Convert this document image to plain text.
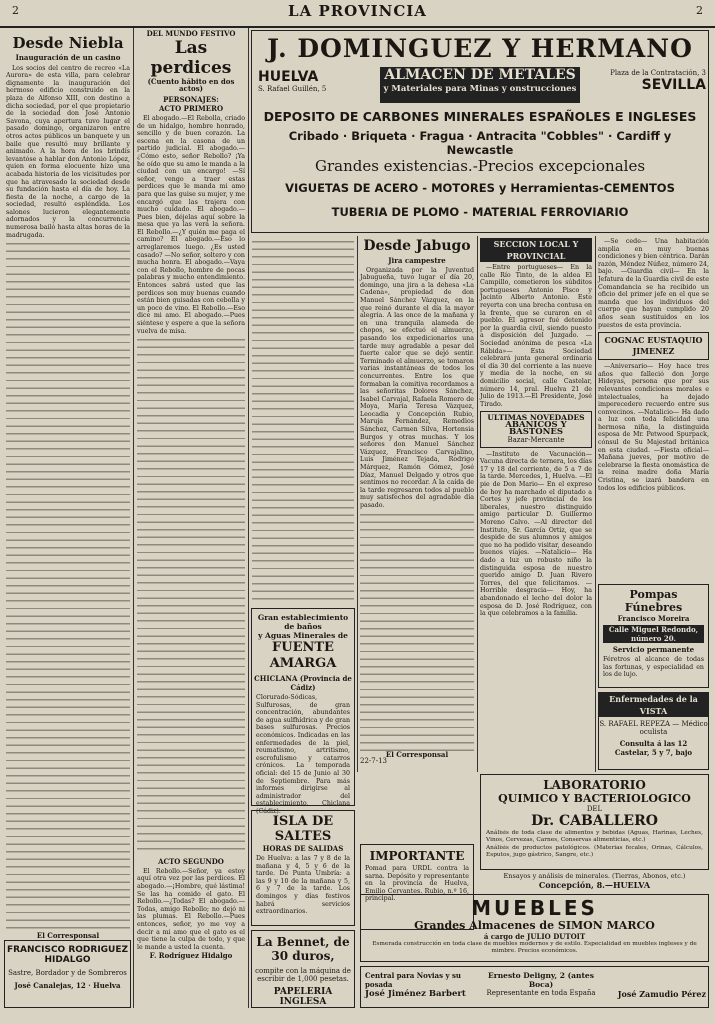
2	LA PROVINCIA	2
Desde Niebla
Inauguración de un casino

Los socios del centro de recreo «La Aurora» de esta villa, para celebrar dignamente la inauguración del hermoso edificio construido en la plaza de Alfonso XIII, con destino a dicha sociedad, por el que propietario de la sociedad don José Antonio Savona, cuya apertura tuvo lugar el pasado domingo, organizaron entre otros actos públicos un banquete y un baile que resultó muy brillante y animado. A la hora de los brindis levantóse a hablar don Antonio López, quien en forma elocuente hizo una acabada historia de los vicisitudes por que ha atravesado la sociedad desde su fundación hasta el día de hoy. La fiesta de la noche, a cargo de la sociedad, resultó espléndida. Los salones lucieron elegantemente adornados y la concurrencia numerosa bailó hasta altas horas de la madrugada.

El Corresponsal
FRANCISCO RODRIGUEZ HIDALGO
Sastre, Bordador y de Sombreros
José Canalejas, 12 · Huelva
DEL MUNDO FESTIVO
Las perdices
(Cuento hábito en dos actos)
PERSONAJES:
ACTO PRIMERO

El abogado.—El Rebolla, criado de un hidalgo, hombre honrado, sencillo y de buen corazón. La escena en la casona de un partido judicial. El abogado.—¿Cómo esto, señor Rebollo? ¡Ya he oído que su amo le manda a la ciudad con un encargo! —Sí señor, vengo a traer estas perdices que le manda mi amo para que las guise su mujer, y me encargó que las trajera con mucho cuidado. El abogado.—Pues bien, déjelas aquí sobre la mesa que ya las verá la señora. El Rebollo.—¿Y quién me paga el camino? El abogado.—Eso lo arreglaremos luego. ¿Es usted casado? —No señor, soltero y con mucha honra. El abogado.—Vaya con el Rebollo, hombre de pocas palabras y mucho entendimiento. Entonces sabrá usted que las perdices son muy buenas cuando están bien guisadas con cebolla y un poco de vino. El Rebollo.—Eso dice mi amo. El abogado.—Pues siéntese y espere a que la señora vuelva de misa.

ACTO SEGUNDO

El Rebollo.—Señor, ya estoy aquí otra vez por las perdices. El abogado.—¡Hombre, qué lástima! Se las ha comido el gato. El Rebollo.—¿Todas? El abogado.—Todas, amigo Rebollo; no dejó ni las plumas. El Rebollo.—Pues entonces, señor, yo me voy a decir a mi amo que el gato es el que tiene la culpa de todo, y que le mande a usted la cuenta.

F. Rodríguez Hidalgo
J. DOMINGUEZ Y HERMANO
HUELVA
S. Rafael Guillén, 5
ALMACEN DE METALES
y Materiales para Minas y onstrucciones
Plaza de la Contratación, 3
SEVILLA
DEPOSITO DE CARBONES MINERALES ESPAÑOLES E INGLESES
Cribado · Briqueta · Fragua · Antracita "Cobbles" · Cardiff y Newcastle
Grandes existencias.-Precios excepcionales
VIGUETAS DE ACERO - MOTORES y Herramientas-CEMENTOS
TUBERIA DE PLOMO - MATERIAL FERROVIARIO
Gran establecimiento de baños
y Aguas Minerales de
FUENTE AMARGA
CHICLANA (Provincia de Cádiz)
Clorurado-Sódicas, Sulfurosas, de gran concentración, abundantes de agua sulfhídrica y de gran bases sulfurosas. Precios económicos. Indicadas en las enfermedades de la piel, reumatismo, artritismo, escrofulismo y catarros crónicos. La temporada oficial: del 15 de Junio al 30 de Septiembre. Para más informes dirigirse al administrador del establecimiento, Chiclana (Cádiz).
ISLA DE SALTES
HORAS DE SALIDAS
De Huelva: a las 7 y 8 de la mañana y 4, 5 y 6 de la tarde. De Punta Umbría: a las 9 y 10 de la mañana y 5, 6 y 7 de la tarde. Los domingos y días festivos habrá servicios extraordinarios.
La Bennet, de 30 duros,
compite con la máquina de escribir de 1,000 pesetas.
PAPELERIA INGLESA
Desde Jabugo
Jira campestre

Organizada por la Juventud Jabugueña, tuvo lugar el día 20, domingo, una jira a la dehesa «La Cadena», propiedad de don Manuel Sánchez Vázquez, en la que reinó durante el día la mayor alegría. A las once de la mañana y en una tranquila alameda de chopos, se efectuó el almuerzo, pasando los expedicionarios una tarde muy agradable a pesar del fuerte calor que se dejó sentir. Terminado el almuerzo, se tomaron varias instantáneas de todos los concurrentes. Entre los que formaban la comitiva recordamos a las señoritas Dolores Sánchez, Isabel Carvajal, Rafaela Romero de Moya, María Teresa Vázquez, Leocadia y Concepción Rubio, Maruja Fernández, Remedios Sánchez, Carmen Silva, Hortensia Burgos y otras muchas. Y los señores don Manuel Sánchez Vázquez, Francisco Carvajalino, Luis Jiménez Tejada, Rodrigo Márquez, Ramón Gómez, José Díaz, Manuel Delgado y otros que sentimos no recordar. A la caída de la tarde regresaron todos al pueblo muy satisfechos del agradable día pasado.

El Corresponsal
22-7-13
IMPORTANTE
Pomad para URDL contra la sarna. Depósito y representante en la provincia de Huelva, Emilio Cervantes. Rubio, n.º 16, principal.
SECCION LOCAL Y PROVINCIAL

—Entre portugueses— En la calle Río Tinto, de la aldea El Campillo, cometieron los súbditos portugueses Antonio Pisco y Jacinto Alberto Antonio. Este reyerta con una brecha contusa en la frente, que se curaron en el pueblo. El agresor fué detenido por la guardia civil, siendo puesto a disposición del Juzgado. —Sociedad anónima de pesca «La Rábida»— Esta Sociedad celebrará junta general ordinaria el día 30 del corriente a las nueve y media de la noche, en su domicilio social, calle Castelar, número 14, pral. Huelva 21 de Julio de 1913.—El Presidente, José Tirado.

ULTIMAS NOVEDADES
ABANICOS Y BASTONES
Bazar-Mercante

—Instituto de Vacunación— Vacuna directa de ternera, los días 17 y 18 del corriente, de 5 a 7 de la tarde. Mercedes, 1, Huelva. —El pie de Don Mario— En el expreso de hoy ha marchado el diputado a Cortes y jefe provincial de los liberales, nuestro distinguido amigo particular D. Guillermo Moreno Calvo. —Al director del Instituto, Sr. García Ortiz, que se despide de sus alumnos y amigos que no ha podido visitar, deseando buenos viajes. —Natalicio— Ha dado a luz un robusto niño la distinguida esposa de nuestro querido amigo D. Juan Rivero Torres, del que felicitamos. —Horrible desgracia— Hoy, ha abandonado el lecho del dolor la esposa de D. José Rodríguez, con la que celebramos a la familia.

—Se cede— Una habitación amplia en muy buenas condiciones y bien céntrica. Darán razón, Méndez Núñez, número 24, bajo. —Guardia civil— En la Jefatura de la Guardia civil de este Comandancia se ha recibido un oficio del primer jefe en el que se manda que los individuos del cuerpo que hayan cumplido 20 años sean sustituidos en los puestos de esta provincia.

COGNAC EUSTAQUIO JIMENEZ

—Aniversario— Hoy hace tres años que falleció don Jorge Hideyas, persona que por sus relevantes condiciones morales e intelectuales, ha dejado imperecedero recuerdo entre sus convecinos. —Natalicio— Ha dado a luz con toda felicidad una hermosa niña, la distinguida esposa de Mr. Petwood Spurpack, cónsul de Su Majestad británica en esta ciudad. —Fiesta oficial— Mañana jueves, por motivo de celebrarse la fiesta onomástica de la reina madre doña María Cristina, se izará bandera en todos los edificios públicos.

Pompas Fúnebres
Francisco Moreira
Calle Miguel Redondo, número 20.
Servicio permanente
Féretros al alcance de todas las fortunas, y especialidad en los de lujo.
Enfermedades de la VISTA
S. RAFAEL REPEZA — Médico oculista
Consulta á las 12
Castelar, 5 y 7, bajo
LABORATORIO
QUIMICO Y BACTERIOLOGICO
DEL
Dr. CABALLERO
Análisis de toda clase de alimentos y bebidas (Aguas, Harinas, Leches, Vinos, Cervezas, Carnes, Conservas alimenticias, etc.)
Análisis de productos patológicos. (Materias fecales, Orinas, Cálculos, Esputos, jugo gástrico, Sangre, etc.)
Ensayos y análisis de minerales. (Tierras, Abonos, etc.)
Concepción, 8.—HUELVA
MUEBLES
Grandes Almacenes de SIMON MARCO
á cargo de JULIO DUTOIT
Esmerada construcción en toda clase de muebles modernos y de estilo. Especialidad en muebles ingleses y de mimbre. Precios económicos.
Central para Novias y su posada
José Jiménez Barbert
Ernesto Deligny, 2 (antes Boca)
Representante en toda España	José Zamudio Pérez
